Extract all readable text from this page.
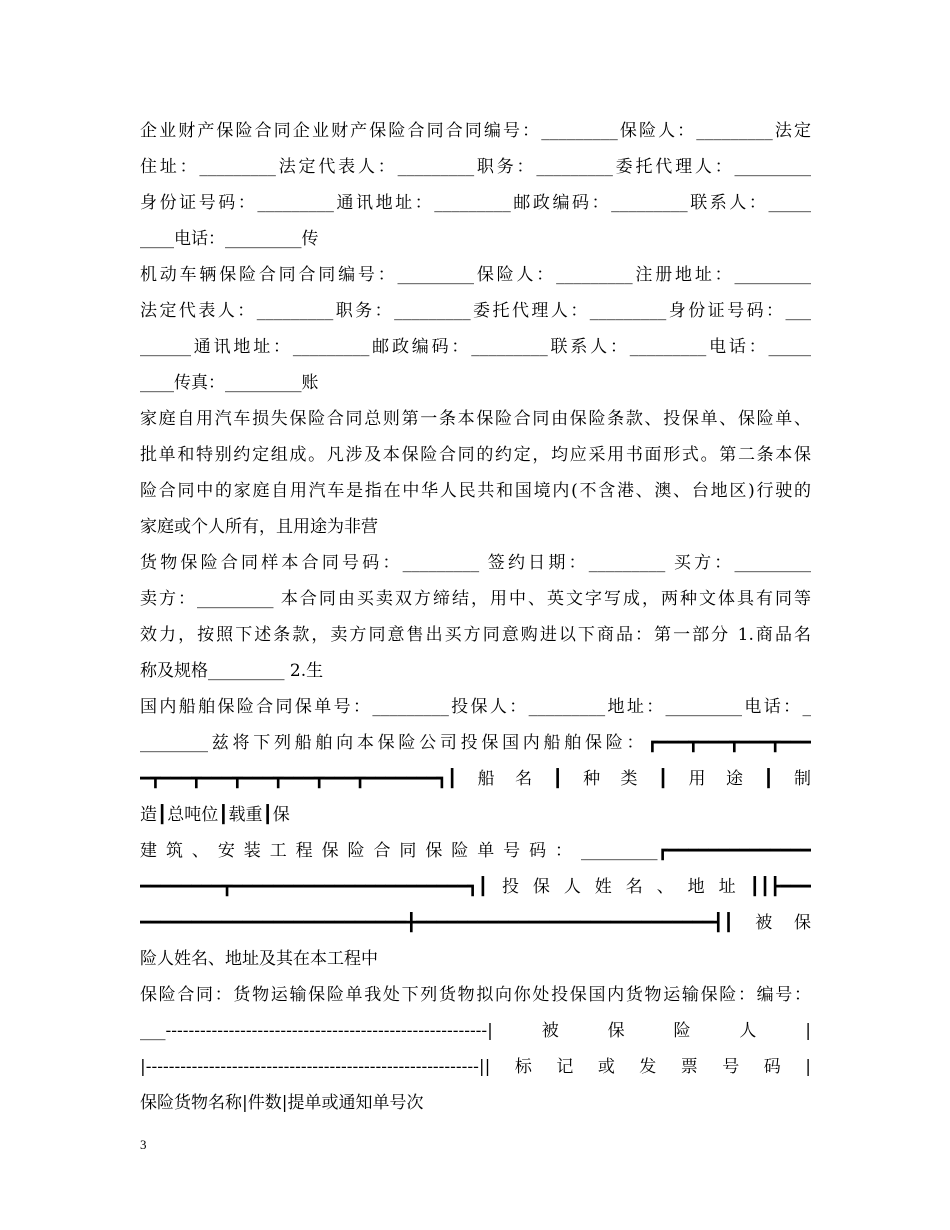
企业财产保险合同企业财产保险合同合同编号：_________保险人：_________法定
住址：_________法定代表人：_________职务：_________委托代理人：_________
身份证号码：_________通讯地址：_________邮政编码：_________联系人：_____
____电话：_________传
机动车辆保险合同合同编号：_________保险人：_________注册地址：_________
法定代表人：_________职务：_________委托代理人：_________身份证号码：___
______通讯地址：_________邮政编码：_________联系人：_________电话：_____
____传真：_________账
家庭自用汽车损失保险合同总则第一条本保险合同由保险条款、投保单、保险单、
批单和特别约定组成。凡涉及本保险合同的约定，均应采用书面形式。第二条本保
险合同中的家庭自用汽车是指在中华人民共和国境内(不含港、澳、台地区)行驶的
家庭或个人所有，且用途为非营
货物保险合同样本合同号码：_________ 签约日期：_________ 买方：_________
卖方：_________ 本合同由买卖双方缔结，用中、英文字写成，两种文体具有同等
效力，按照下述条款，卖方同意售出买方同意购进以下商品：第一部分 1.商品名
称及规格_________ 2.生
国内船舶保险合同保单号：_________投保人：_________地址：_________电话：_
________兹将下列船舶向本保险公司投保国内船舶保险：┏━━━┳━━━┳━━━┳━━━
━┳━━━┳━━━┳━━━┳━━━┳━━━┳━━━━━━━┓┃船名┃种类┃用途┃制
造┃总吨位┃载重┃保
建筑、安装工程保险合同保险单号码：_________┏━━━━━━━━━━━━━━
━━━━━━━━┳━━━━━━━━━━━━━━━━━━━━━━━┓┃投保人姓名、地址┃┃┣━━━
━━━━━━━━━━━━━━━━━━━━━━━━━━╋━━━━━━━━━━━━━━━━━━━━━━━━━━━━━┫┃被保
险人姓名、地址及其在本工程中
保险合同：货物运输保险单我处下列货物拟向你处投保国内货物运输保险：编号：
___--------------------------------------------------------|被保险人|
|----------------------------------------------------------||标记或发票号码|
保险货物名称|件数|提单或通知单号次
3
